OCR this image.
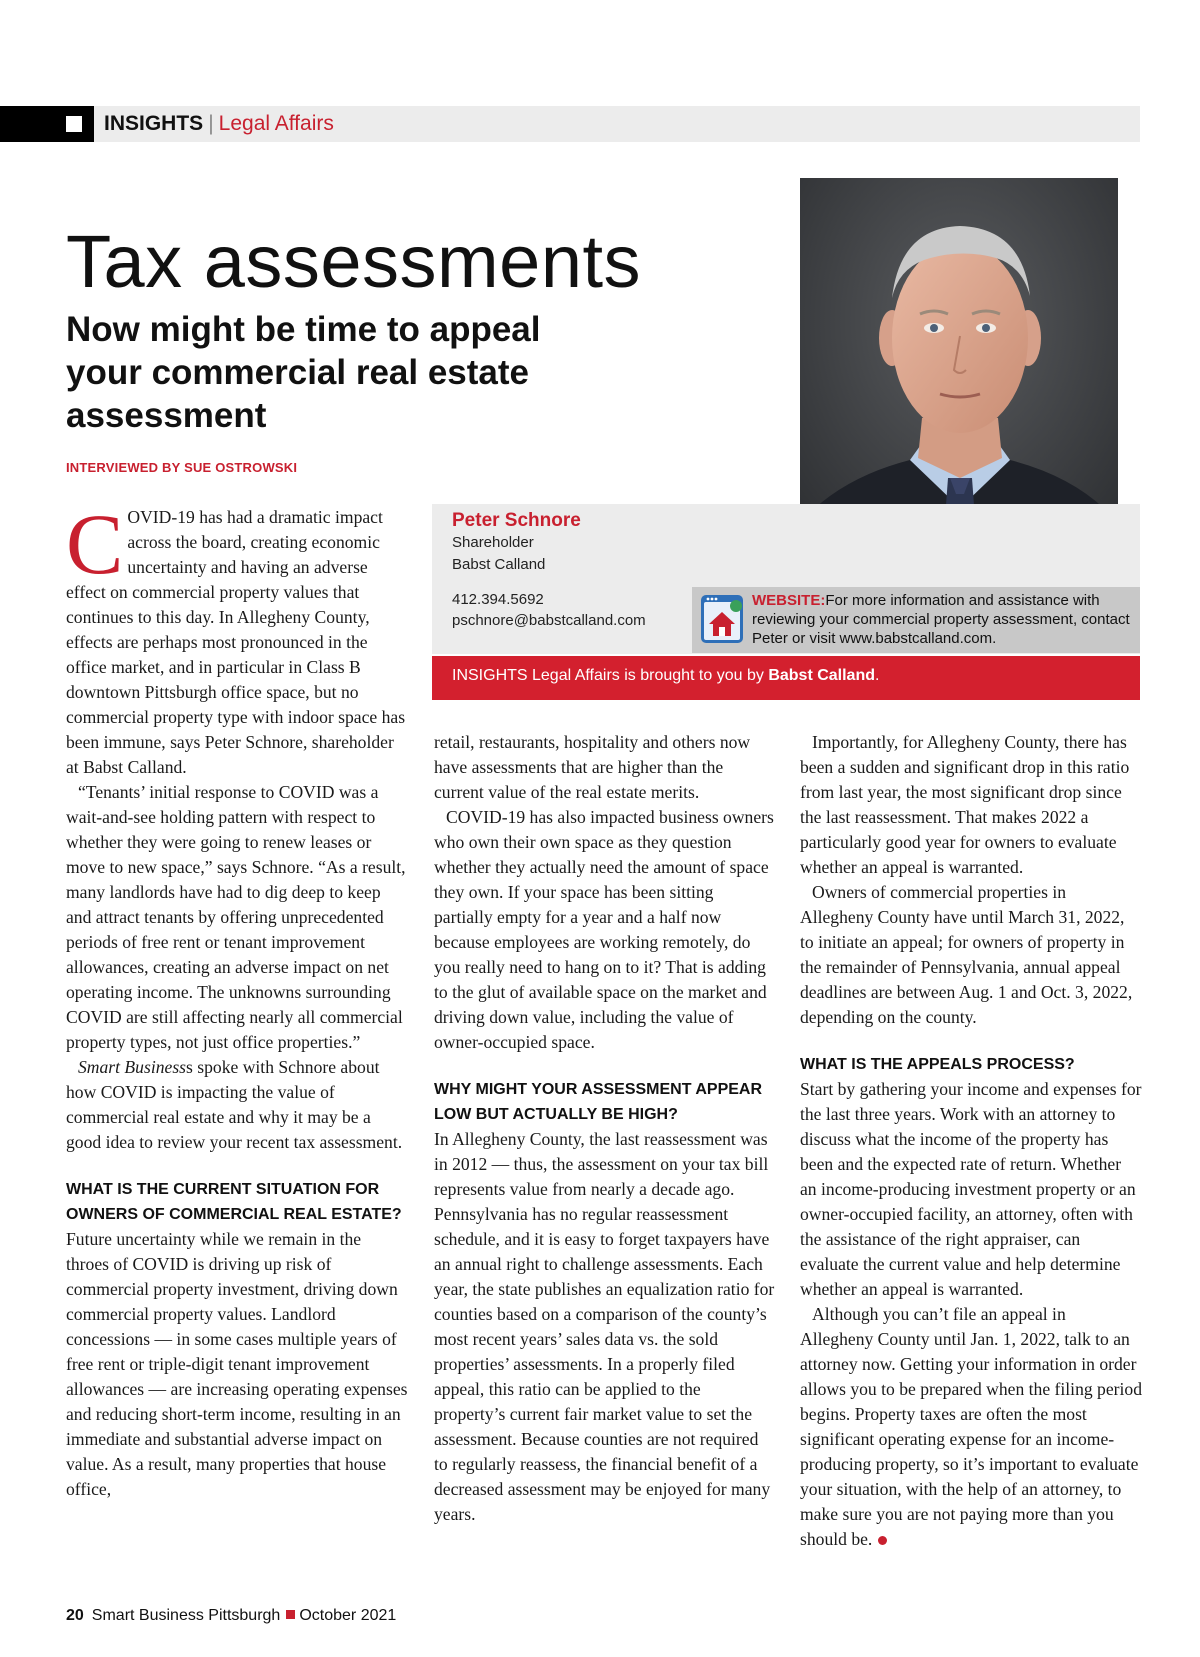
INSIGHTS | Legal Affairs
Tax assessments
Now might be time to appeal your commercial real estate assessment
INTERVIEWED BY SUE OSTROWSKI
Peter Schnore
Shareholder
Babst Calland
412.394.5692
pschnore@babstcalland.com
WEBSITE:For more information and assistance with reviewing your commercial property assessment, contact Peter or visit www.babstcalland.com.
INSIGHTS Legal Affairs is brought to you by Babst Calland.
C OVID-19 has had a dramatic impact across the board, creating economic uncertainty and having an adverse effect on commercial property values that continues to this day. In Allegheny County, effects are perhaps most pronounced in the office market, and in particular in Class B downtown Pittsburgh office space, but no commercial property type with indoor space has been immune, says Peter Schnore, shareholder at Babst Calland.

“Tenants’ initial response to COVID was a wait-and-see holding pattern with respect to whether they were going to renew leases or move to new space,” says Schnore. “As a result, many landlords have had to dig deep to keep and attract tenants by offering unprecedented periods of free rent or tenant improvement allowances, creating an adverse impact on net operating income. The unknowns surrounding COVID are still affecting nearly all commercial property types, not just office properties.”

Smart Businesss spoke with Schnore about how COVID is impacting the value of commercial real estate and why it may be a good idea to review your recent tax assessment.

WHAT IS THE CURRENT SITUATION FOR OWNERS OF COMMERCIAL REAL ESTATE?

Future uncertainty while we remain in the throes of COVID is driving up risk of commercial property investment, driving down commercial property values. Landlord concessions — in some cases multiple years of free rent or triple-digit tenant improvement allowances — are increasing operating expenses and reducing short-term income, resulting in an immediate and substantial adverse impact on value. As a result, many properties that house office,

retail, restaurants, hospitality and others now have assessments that are higher than the current value of the real estate merits.

COVID-19 has also impacted business owners who own their own space as they question whether they actually need the amount of space they own. If your space has been sitting partially empty for a year and a half now because employees are working remotely, do you really need to hang on to it? That is adding to the glut of available space on the market and driving down value, including the value of owner-occupied space.

WHY MIGHT YOUR ASSESSMENT APPEAR LOW BUT ACTUALLY BE HIGH?

In Allegheny County, the last reassessment was in 2012 — thus, the assessment on your tax bill represents value from nearly a decade ago. Pennsylvania has no regular reassessment schedule, and it is easy to forget taxpayers have an annual right to challenge assessments. Each year, the state publishes an equalization ratio for counties based on a comparison of the county’s most recent years’ sales data vs. the sold properties’ assessments. In a properly filed appeal, this ratio can be applied to the property’s current fair market value to set the assessment. Because counties are not required to regularly reassess, the financial benefit of a decreased assessment may be enjoyed for many years.

Importantly, for Allegheny County, there has been a sudden and significant drop in this ratio from last year, the most significant drop since the last reassessment. That makes 2022 a particularly good year for owners to evaluate whether an appeal is warranted.

Owners of commercial properties in Allegheny County have until March 31, 2022, to initiate an appeal; for owners of property in the remainder of Pennsylvania, annual appeal deadlines are between Aug. 1 and Oct. 3, 2022, depending on the county.

WHAT IS THE APPEALS PROCESS?

Start by gathering your income and expenses for the last three years. Work with an attorney to discuss what the income of the property has been and the expected rate of return. Whether an income-producing investment property or an owner-occupied facility, an attorney, often with the assistance of the right appraiser, can evaluate the current value and help determine whether an appeal is warranted.

Although you can’t file an appeal in Allegheny County until Jan. 1, 2022, talk to an attorney now. Getting your information in order allows you to be prepared when the filing period begins. Property taxes are often the most significant operating expense for an income-producing property, so it’s important to evaluate your situation, with the help of an attorney, to make sure you are not paying more than you should be.

20 Smart Business Pittsburgh October 2021
